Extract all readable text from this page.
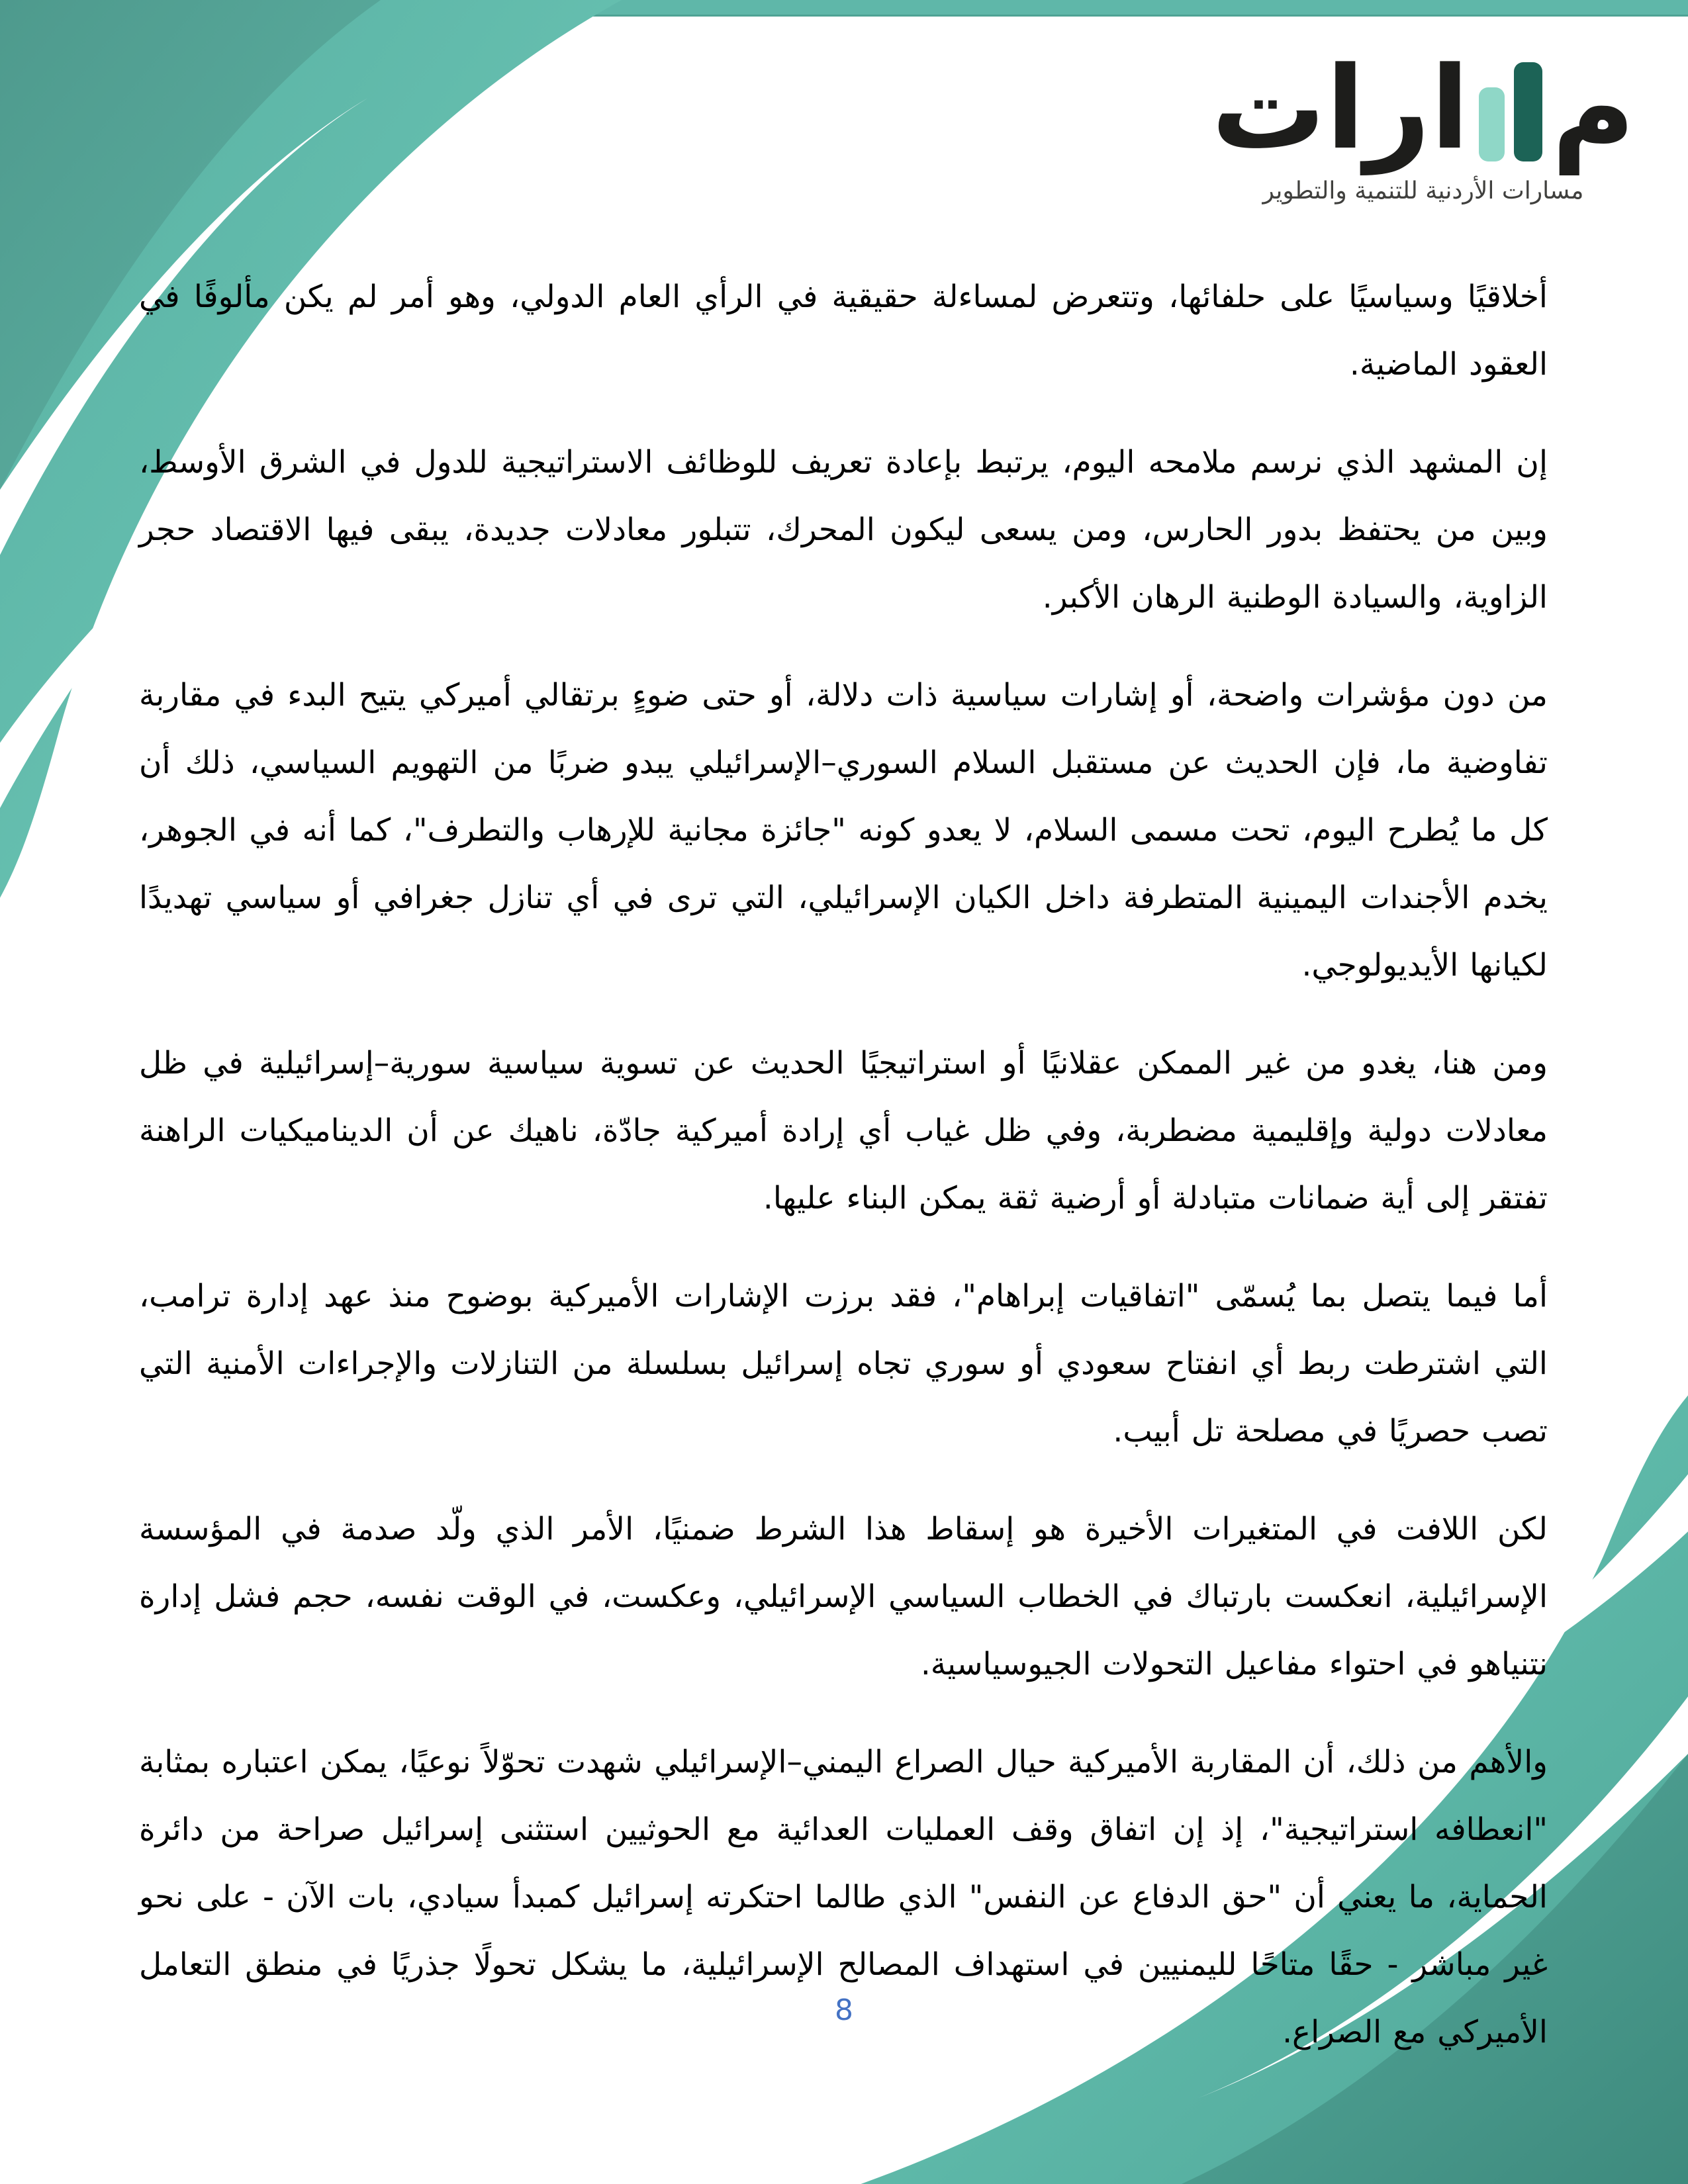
م
ارات
مسارات الأردنية للتنمية والتطوير

أخلاقيًا وسياسيًا على حلفائها، وتتعرض لمساءلة حقيقية في الرأي العام الدولي، وهو أمر لم يكن مألوفًا في العقود الماضية.

إن المشهد الذي نرسم ملامحه اليوم، يرتبط بإعادة تعريف للوظائف الاستراتيجية للدول في الشرق الأوسط، وبين من يحتفظ بدور الحارس، ومن يسعى ليكون المحرك، تتبلور معادلات جديدة، يبقى فيها الاقتصاد حجر الزاوية، والسيادة الوطنية الرهان الأكبر.

من دون مؤشرات واضحة، أو إشارات سياسية ذات دلالة، أو حتى ضوءٍ برتقالي أميركي يتيح البدء في مقاربة تفاوضية ما، فإن الحديث عن مستقبل السلام السوري–الإسرائيلي يبدو ضربًا من التهويم السياسي، ذلك أن كل ما يُطرح اليوم، تحت مسمى السلام، لا يعدو كونه "جائزة مجانية للإرهاب والتطرف"، كما أنه في الجوهر، يخدم الأجندات اليمينية المتطرفة داخل الكيان الإسرائيلي، التي ترى في أي تنازل جغرافي أو سياسي تهديدًا لكيانها الأيديولوجي.

ومن هنا، يغدو من غير الممكن عقلانيًا أو استراتيجيًا الحديث عن تسوية سياسية سورية–إسرائيلية في ظل معادلات دولية وإقليمية مضطربة، وفي ظل غياب أي إرادة أميركية جادّة، ناهيك عن أن الديناميكيات الراهنة تفتقر إلى أية ضمانات متبادلة أو أرضية ثقة يمكن البناء عليها.

أما فيما يتصل بما يُسمّى "اتفاقيات إبراهام"، فقد برزت الإشارات الأميركية بوضوح منذ عهد إدارة ترامب، التي اشترطت ربط أي انفتاح سعودي أو سوري تجاه إسرائيل بسلسلة من التنازلات والإجراءات الأمنية التي تصب حصريًا في مصلحة تل أبيب.

لكن اللافت في المتغيرات الأخيرة هو إسقاط هذا الشرط ضمنيًا، الأمر الذي ولّد صدمة في المؤسسة الإسرائيلية، انعكست بارتباك في الخطاب السياسي الإسرائيلي، وعكست، في الوقت نفسه، حجم فشل إدارة نتنياهو في احتواء مفاعيل التحولات الجيوسياسية.

والأهم من ذلك، أن المقاربة الأميركية حيال الصراع اليمني–الإسرائيلي شهدت تحوّلاً نوعيًا، يمكن اعتباره بمثابة "انعطافه استراتيجية"، إذ إن اتفاق وقف العمليات العدائية مع الحوثيين استثنى إسرائيل صراحة من دائرة الحماية، ما يعني أن "حق الدفاع عن النفس" الذي طالما احتكرته إسرائيل كمبدأ سيادي، بات الآن - على نحو غير مباشر - حقًا متاحًا لليمنيين في استهداف المصالح الإسرائيلية، ما يشكل تحولًا جذريًا في منطق التعامل الأميركي مع الصراع.

8
